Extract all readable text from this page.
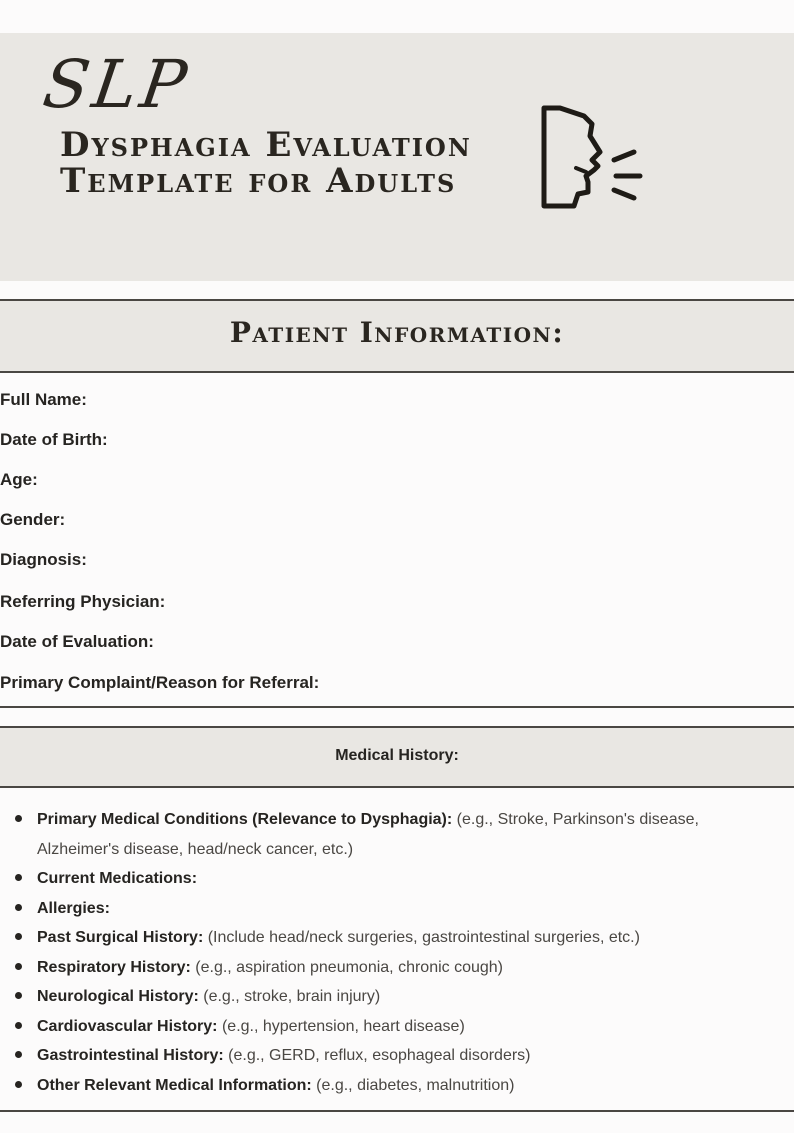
SLP
Dysphagia Evaluation
Template for Adults
Patient Information:
Full Name:
Date of Birth:
Age:
Gender:
Diagnosis:
Referring Physician:
Date of Evaluation:
Primary Complaint/Reason for Referral:
Medical History:
Primary Medical Conditions (Relevance to Dysphagia): (e.g., Stroke, Parkinson's disease, Alzheimer's disease, head/neck cancer, etc.)
Current Medications:
Allergies:
Past Surgical History: (Include head/neck surgeries, gastrointestinal surgeries, etc.)
Respiratory History: (e.g., aspiration pneumonia, chronic cough)
Neurological History: (e.g., stroke, brain injury)
Cardiovascular History: (e.g., hypertension, heart disease)
Gastrointestinal History: (e.g., GERD, reflux, esophageal disorders)
Other Relevant Medical Information: (e.g., diabetes, malnutrition)
